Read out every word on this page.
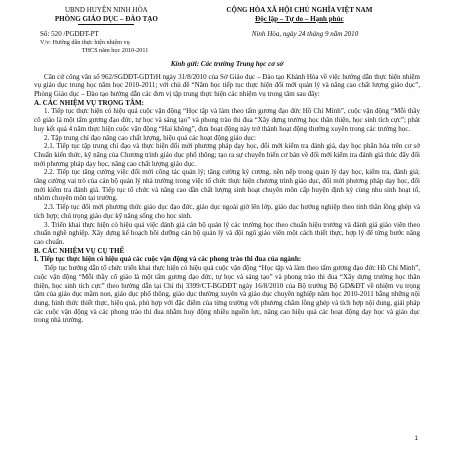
UBND HUYỆN NINH HÒA
PHÒNG GIÁO DỤC – ĐÀO TẠO
CỘNG HÒA XÃ HỘI CHỦ NGHĨA VIỆT NAM
Độc lập – Tự do – Hạnh phúc
Số: 520 /PGDĐT-PT
V/v: Hướng dẫn thực hiện nhiệm vụ
THCS năm học 2010-2011
Ninh Hòa, ngày 24 tháng 9 năm 2010
Kính gửi: Các trường Trung học cơ sở

Căn cứ công văn số 962/SGDĐT-GDTrH ngày 31/8/2010 của Sở Giáo dục – Đào tạo Khánh Hòa về việc hướng dẫn thực hiện nhiệm vụ giáo dục trung học năm học 2010-2011; với chủ đề “Năm học tiếp tục thực hiện đổi mới quản lý và nâng cao chất lượng giáo dục”, Phòng Giáo dục – Đào tạo hướng dẫn các đơn vị tập trung thực hiện các nhiệm vụ trong tâm sau đây:

A. CÁC NHIỆM VỤ TRỌNG TÂM:

1. Tiếp tục thực hiện có hiệu quả cuộc vận động “Học tập và làm theo tấm gương đạo đức Hồ Chí Minh”, cuộc vận động “Mỗi thầy cô giáo là một tấm gương đạo đức, tự học và sáng tạo” và phong trào thi đua “Xây dựng trường học thân thiện, học sinh tích cực”; phát huy kết quả 4 năm thực hiện cuộc vận động “Hai không”, đưa hoạt động này trở thành hoạt động thường xuyên trong các trường học.

2. Tập trung chỉ đạo nâng cao chất lượng, hiệu quả các hoạt động giáo dục:

2.1. Tiếp tục tập trung chỉ đạo và thực hiện đổi mới phương pháp dạy học, đổi mới kiểm tra đánh giá, dạy học phân hóa trên cơ sở Chuẩn kiến thức, kỹ năng của Chương trình giáo dục phổ thông; tạo ra sự chuyển biến cơ bản về đổi mới kiểm tra đánh giá thúc đẩy đổi mới phương pháp dạy học, nâng cao chất lượng giáo dục.

2.2. Tiếp tục tăng cường việc đổi mới công tác quản lý; tăng cường kỷ cương, nền nếp trong quản lý dạy học, kiểm tra, đánh giá; tăng cường vai trò của cán bộ quản lý nhà trường trong việc tổ chức thực hiện chương trình giáo dục, đổi mới phương pháp dạy học, đổi mới kiểm tra đánh giá. Tiếp tục tổ chức và nâng cao dần chất lượng sinh hoạt chuyên môn cấp huyện định kỳ cùng nhu sinh hoạt tổ, nhóm chuyên môn tại trường.

2.3. Tiếp tục đổi mới phương thức giáo dục đạo đức, giáo dục ngoài giờ lên lớp, giáo dục hướng nghiệp theo tinh thần lồng ghép và tích hợp; chú trọng giáo dục kỹ năng sống cho học sinh.

3. Triển khai thực hiện có hiệu quả việc đánh giá cán bộ quản lý các trường học theo chuẩn hiệu trưởng và đánh giá giáo viên theo chuẩn nghề nghiệp. Xây dựng kế hoạch bồi dưỡng cán bộ quản lý và đội ngũ giáo viên một cách thiết thực, hợp lý để từng bước nâng cao chuẩn.

B. CÁC NHIỆM VỤ CỤ THỂ
I. Tiếp tục thực hiện có hiệu quả các cuộc vận động và các phong trào thi đua của ngành:

Tiếp tục hướng dẫn tổ chức triển khai thực hiện có hiệu quả cuộc vận động “Học tập và làm theo tấm gương đạo đức Hồ Chí Minh”, cuộc vận động “Mỗi thầy cô giáo là một tấm gương đạo đức, tự học và sáng tạo” và phong trào thi đua “Xây dựng trường học thân thiện, học sinh tích cực” theo hướng dẫn tại Chỉ thị 3399/CT-BGDĐT ngày 16/8/2010 của Bộ trưởng Bộ GD&ĐT về nhiệm vụ trọng tâm của giáo dục mầm non, giáo dục phổ thông, giáo dục thường xuyên và giáo dục chuyên nghiệp năm học 2010-2011 bằng những nội dung, hình thức thiết thực, hiệu quả, phù hợp với đặc điểm của từng trường với phương châm lồng ghép và tích hợp nội dung, giải pháp các cuộc vận động và các phong trào thi đua nhằm huy động nhiều nguồn lực, nâng cao hiệu quả các hoạt động dạy học và giáo dục trong nhà trường.

1
